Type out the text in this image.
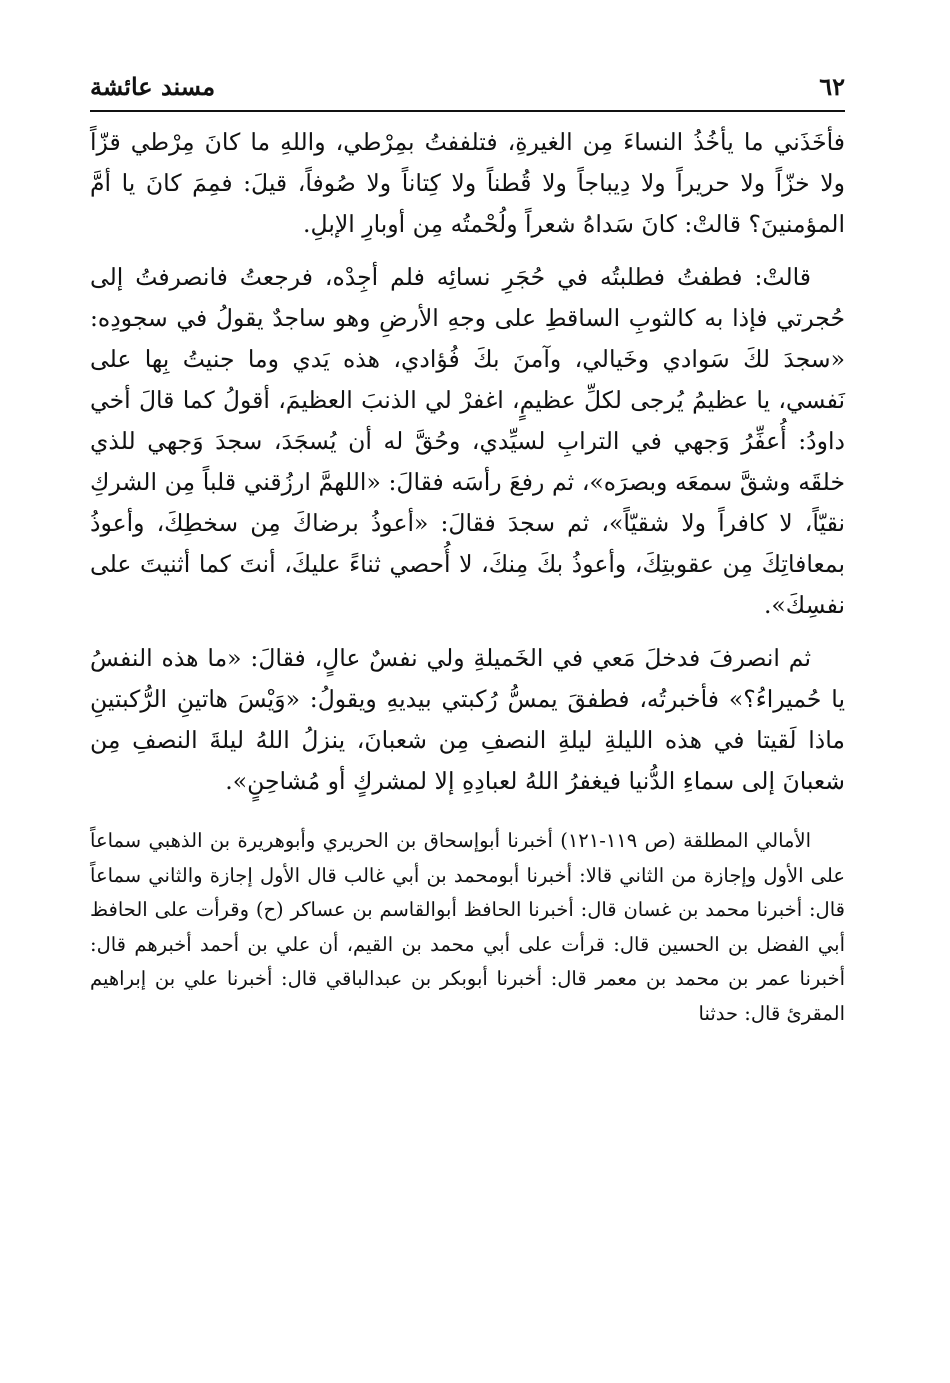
٦٢
مسند عائشة

فأخَذَني ما يأخُذُ النساءَ مِن الغيرةِ، فتلففتُ بمِرْطي، واللهِ ما كانَ مِرْطي قزّاً ولا خزّاً ولا حريراً ولا دِيباجاً ولا قُطناً ولا كِتاناً ولا صُوفاً، قيلَ: فمِمَ كانَ يا أمَّ المؤمنينَ؟ قالتْ: كانَ سَداهُ شعراً ولُحْمتُه مِن أوبارِ الإبلِ.

قالتْ: فطفتُ فطلبتُه في حُجَرِ نسائِه فلم أجِدْه، فرجعتُ فانصرفتُ إلى حُجرتي فإذا به كالثوبِ الساقطِ على وجهِ الأرضِ وهو ساجدٌ يقولُ في سجودِه: «سجدَ لكَ سَوادي وخَيالي، وآمنَ بكَ فُؤادي، هذه يَدي وما جنيتُ بِها على نَفسي، يا عظيمُ يُرجى لكلِّ عظيمٍ، اغفرْ لي الذنبَ العظيمَ، أقولُ كما قالَ أخي داودُ: أُعفِّرُ وَجهي في الترابِ لسيِّدي، وحُقَّ له أن يُسجَدَ، سجدَ وَجهي للذي خلقَه وشقَّ سمعَه وبصرَه»، ثم رفعَ رأسَه فقالَ: «اللهمَّ ارزُقني قلباً مِن الشركِ نقيّاً، لا كافراً ولا شقيّاً»، ثم سجدَ فقالَ: «أعوذُ برضاكَ مِن سخطِكَ، وأعوذُ بمعافاتِكَ مِن عقوبتِكَ، وأعوذُ بكَ مِنكَ، لا أُحصي ثناءً عليكَ، أنتَ كما أثنيتَ على نفسِكَ».

ثم انصرفَ فدخلَ مَعي في الخَميلةِ ولي نفسٌ عالٍ، فقالَ: «ما هذه النفسُ يا حُميراءُ؟» فأخبرتُه، فطفقَ يمسُّ رُكبتي بيديهِ ويقولُ: «وَيْسَ هاتينِ الرُّكبتينِ ماذا لَقيتا في هذه الليلةِ ليلةِ النصفِ مِن شعبانَ، ينزلُ اللهُ ليلةَ النصفِ مِن شعبانَ إلى سماءِ الدُّنيا فيغفرُ اللهُ لعبادِهِ إلا لمشركٍ أو مُشاحِنٍ».

الأمالي المطلقة (ص ١١٩-١٢١) أخبرنا أبوإسحاق بن الحريري وأبوهريرة بن الذهبي سماعاً على الأول وإجازة من الثاني قالا: أخبرنا أبومحمد بن أبي غالب قال الأول إجازة والثاني سماعاً قال: أخبرنا محمد بن غسان قال: أخبرنا الحافظ أبوالقاسم بن عساكر (ح) وقرأت على الحافظ أبي الفضل بن الحسين قال: قرأت على أبي محمد بن القيم، أن علي بن أحمد أخبرهم قال: أخبرنا عمر بن محمد بن معمر قال: أخبرنا أبوبكر بن عبدالباقي قال: أخبرنا علي بن إبراهيم المقرئ قال: حدثنا
